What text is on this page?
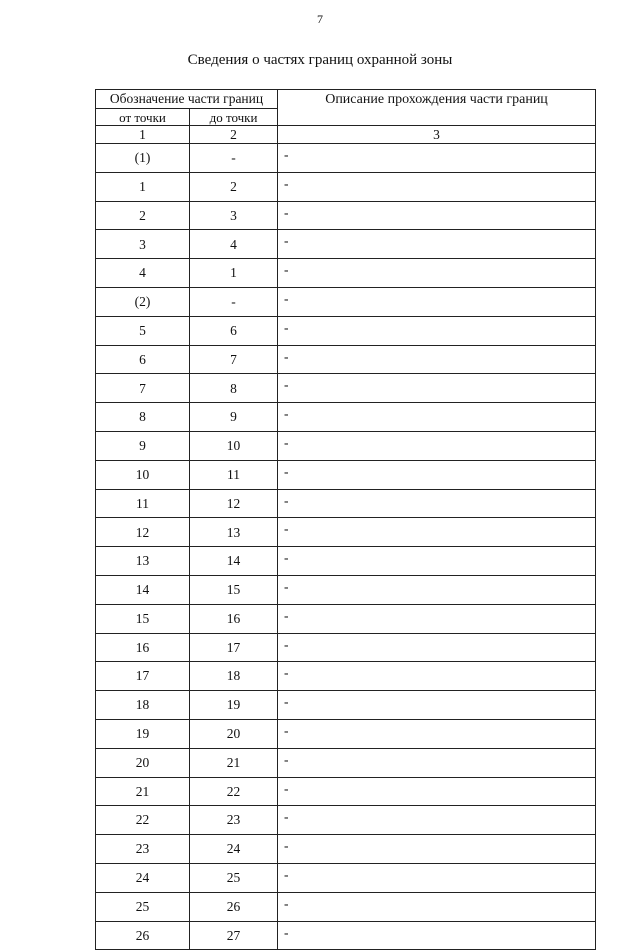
7
Сведения о частях границ охранной зоны
Обозначение части границ		Описание прохождения части границ
от точки	до точки	
1	2	3
(1)	-	-
1	2	-
2	3	-
3	4	-
4	1	-
(2)	-	-
5	6	-
6	7	-
7	8	-
8	9	-
9	10	-
10	11	-
11	12	-
12	13	-
13	14	-
14	15	-
15	16	-
16	17	-
17	18	-
18	19	-
19	20	-
20	21	-
21	22	-
22	23	-
23	24	-
24	25	-
25	26	-
26	27	-
